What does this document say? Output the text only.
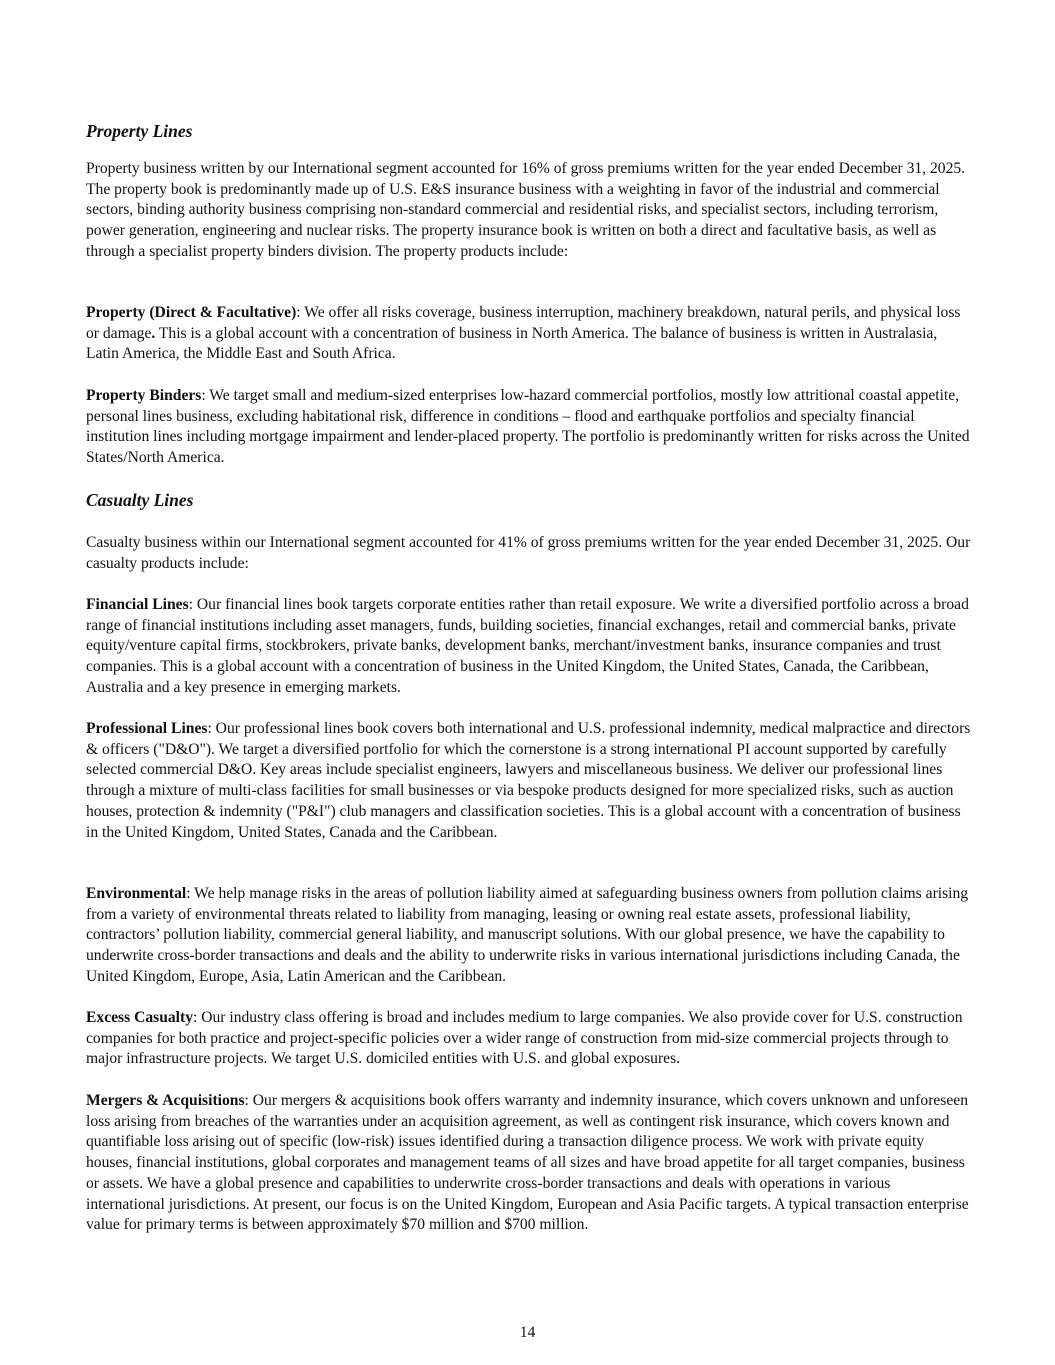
Property Lines

Property business written by our International segment accounted for 16% of gross premiums written for the year ended December 31, 2025. The property book is predominantly made up of U.S. E&S insurance business with a weighting in favor of the industrial and commercial sectors, binding authority business comprising non-standard commercial and residential risks, and specialist sectors, including terrorism, power generation, engineering and nuclear risks. The property insurance book is written on both a direct and facultative basis, as well as through a specialist property binders division. The property products include:

Property (Direct & Facultative): We offer all risks coverage, business interruption, machinery breakdown, natural perils, and physical loss or damage. This is a global account with a concentration of business in North America. The balance of business is written in Australasia, Latin America, the Middle East and South Africa.

Property Binders: We target small and medium-sized enterprises low-hazard commercial portfolios, mostly low attritional coastal appetite, personal lines business, excluding habitational risk, difference in conditions – flood and earthquake portfolios and specialty financial institution lines including mortgage impairment and lender-placed property. The portfolio is predominantly written for risks across the United States/North America.

Casualty Lines

Casualty business within our International segment accounted for 41% of gross premiums written for the year ended December 31, 2025. Our casualty products include:

Financial Lines: Our financial lines book targets corporate entities rather than retail exposure. We write a diversified portfolio across a broad range of financial institutions including asset managers, funds, building societies, financial exchanges, retail and commercial banks, private equity/venture capital firms, stockbrokers, private banks, development banks, merchant/investment banks, insurance companies and trust companies. This is a global account with a concentration of business in the United Kingdom, the United States, Canada, the Caribbean, Australia and a key presence in emerging markets.

Professional Lines: Our professional lines book covers both international and U.S. professional indemnity, medical malpractice and directors & officers ("D&O"). We target a diversified portfolio for which the cornerstone is a strong international PI account supported by carefully selected commercial D&O. Key areas include specialist engineers, lawyers and miscellaneous business. We deliver our professional lines through a mixture of multi-class facilities for small businesses or via bespoke products designed for more specialized risks, such as auction houses, protection & indemnity ("P&I") club managers and classification societies. This is a global account with a concentration of business in the United Kingdom, United States, Canada and the Caribbean.

Environmental: We help manage risks in the areas of pollution liability aimed at safeguarding business owners from pollution claims arising from a variety of environmental threats related to liability from managing, leasing or owning real estate assets, professional liability, contractors’ pollution liability, commercial general liability, and manuscript solutions. With our global presence, we have the capability to underwrite cross-border transactions and deals and the ability to underwrite risks in various international jurisdictions including Canada, the United Kingdom, Europe, Asia, Latin American and the Caribbean.

Excess Casualty: Our industry class offering is broad and includes medium to large companies. We also provide cover for U.S. construction companies for both practice and project-specific policies over a wider range of construction from mid-size commercial projects through to major infrastructure projects. We target U.S. domiciled entities with U.S. and global exposures.

Mergers & Acquisitions: Our mergers & acquisitions book offers warranty and indemnity insurance, which covers unknown and unforeseen loss arising from breaches of the warranties under an acquisition agreement, as well as contingent risk insurance, which covers known and quantifiable loss arising out of specific (low-risk) issues identified during a transaction diligence process. We work with private equity houses, financial institutions, global corporates and management teams of all sizes and have broad appetite for all target companies, business or assets. We have a global presence and capabilities to underwrite cross-border transactions and deals with operations in various international jurisdictions. At present, our focus is on the United Kingdom, European and Asia Pacific targets. A typical transaction enterprise value for primary terms is between approximately $70 million and $700 million.

14
